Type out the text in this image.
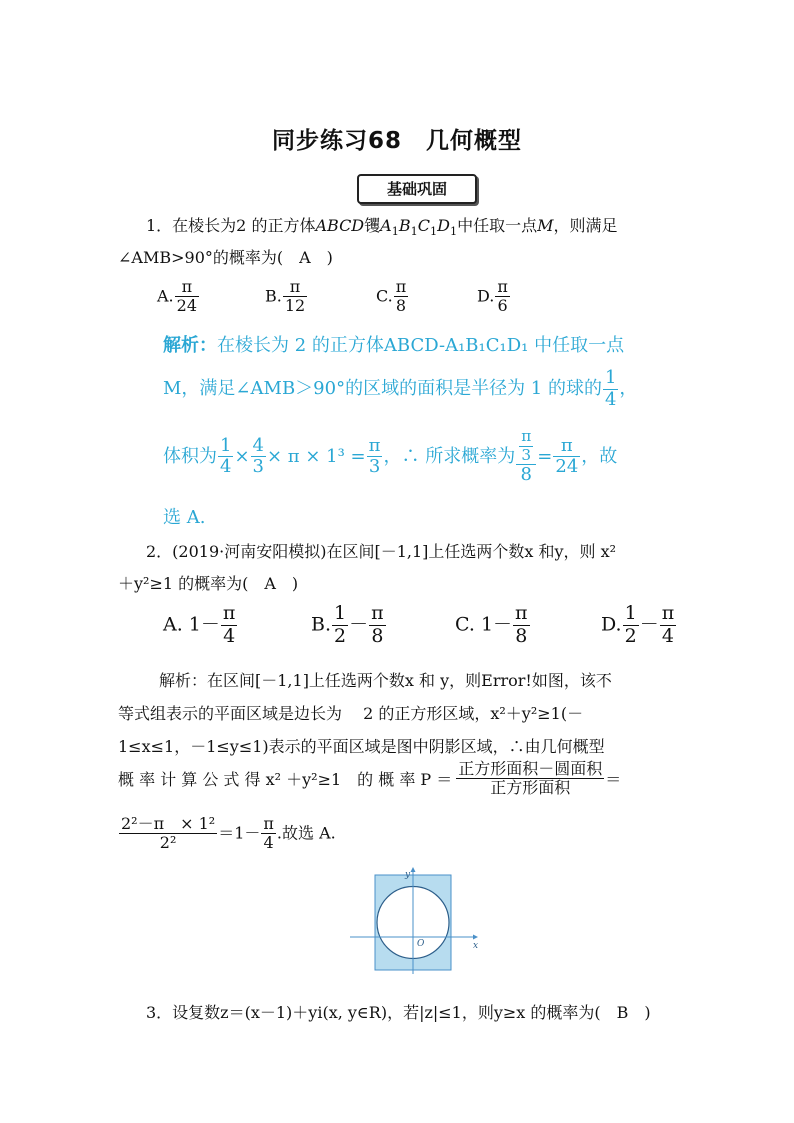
同步练习68　几何概型
基础巩固
1．在棱长为2 的正方体ABCD䦆$A_1B_1C_1D_1$中任取一点M，则满足
∠AMB>90°的概率为(　A　)
A. $\frac{\pi}{24}$	B. $\frac{\pi}{12}$	C. $\frac{\pi}{8}$	D. $\frac{\pi}{6}$
解析：在棱长为 2 的正方体ABCD-A₁B₁C₁D₁ 中任取一点
M，满足∠AMB＞90°的区域的面积是半径为 1 的球的 $\frac{1}{4}$ ，
体积为 $\frac{1}{4} \times \frac{4}{3} \times \pi \times 1^3 = \frac{\pi}{3}$ ，∴ 所求概率为 $\frac{\frac{\pi}{3}}{8} = \frac{\pi}{24}$ ，故
选 A.
2．(2019·河南安阳模拟)在区间[－1,1]上任选两个数x 和y，则 x²
＋y²≥1 的概率为(　A　)
A. $1- \frac{\pi}{4}$	B. $\frac{1}{2} - \frac{\pi}{8}$	C. $1- \frac{\pi}{8}$	D. $\frac{1}{2} - \frac{\pi}{4}$
解析：在区间[－1,1]上任选两个数x 和 y，则Error!如图，该不
等式组表示的平面区域是边长为　 2 的正方形区域，x²＋y²≥1(－
1≤x≤1，－1≤y≤1)表示的平面区域是图中阴影区域，∴由几何概型
概 率 计 算 公 式 得 x² ＋y²≥1　的 概 率 $P = \frac{\text{正方形面积－圆面积}}{\text{正方形面积}}$ ＝
$\frac{\text{2²－π　× 1²}}{\text{2²}} =1- \frac{\pi}{4}$ .故选 A.
y
x
O
3．设复数z＝(x－1)＋yi(x, y∈R)，若|z|≤1，则y≥x 的概率为(　B　)
